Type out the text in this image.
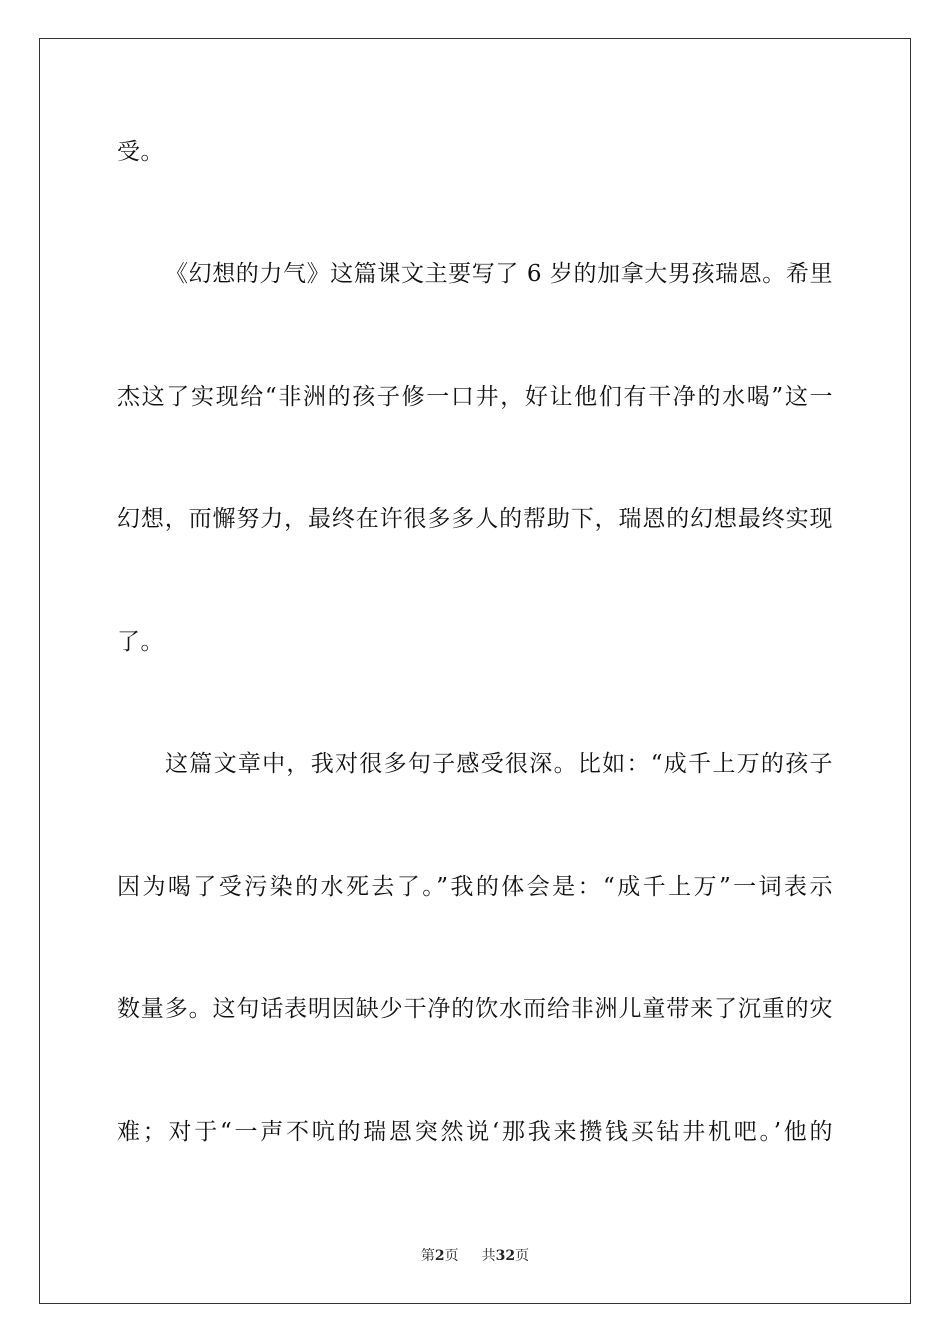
受。
《幻想的力气》这篇课文主要写了 6 岁的加拿大男孩瑞恩。希里
杰这了实现给“非洲的孩子修一口井，好让他们有干净的水喝”这一
幻想，而懈努力，最终在许很多多人的帮助下，瑞恩的幻想最终实现
了。
这篇文章中，我对很多句子感受很深。比如：“成千上万的孩子
因为喝了受污染的水死去了。”我的体会是：“成千上万”一词表示
数量多。这句话表明因缺少干净的饮水而给非洲儿童带来了沉重的灾
难；对于“一声不吭的瑞恩突然说‘那我来攒钱买钻井机吧。’他的
第2页 共32页
